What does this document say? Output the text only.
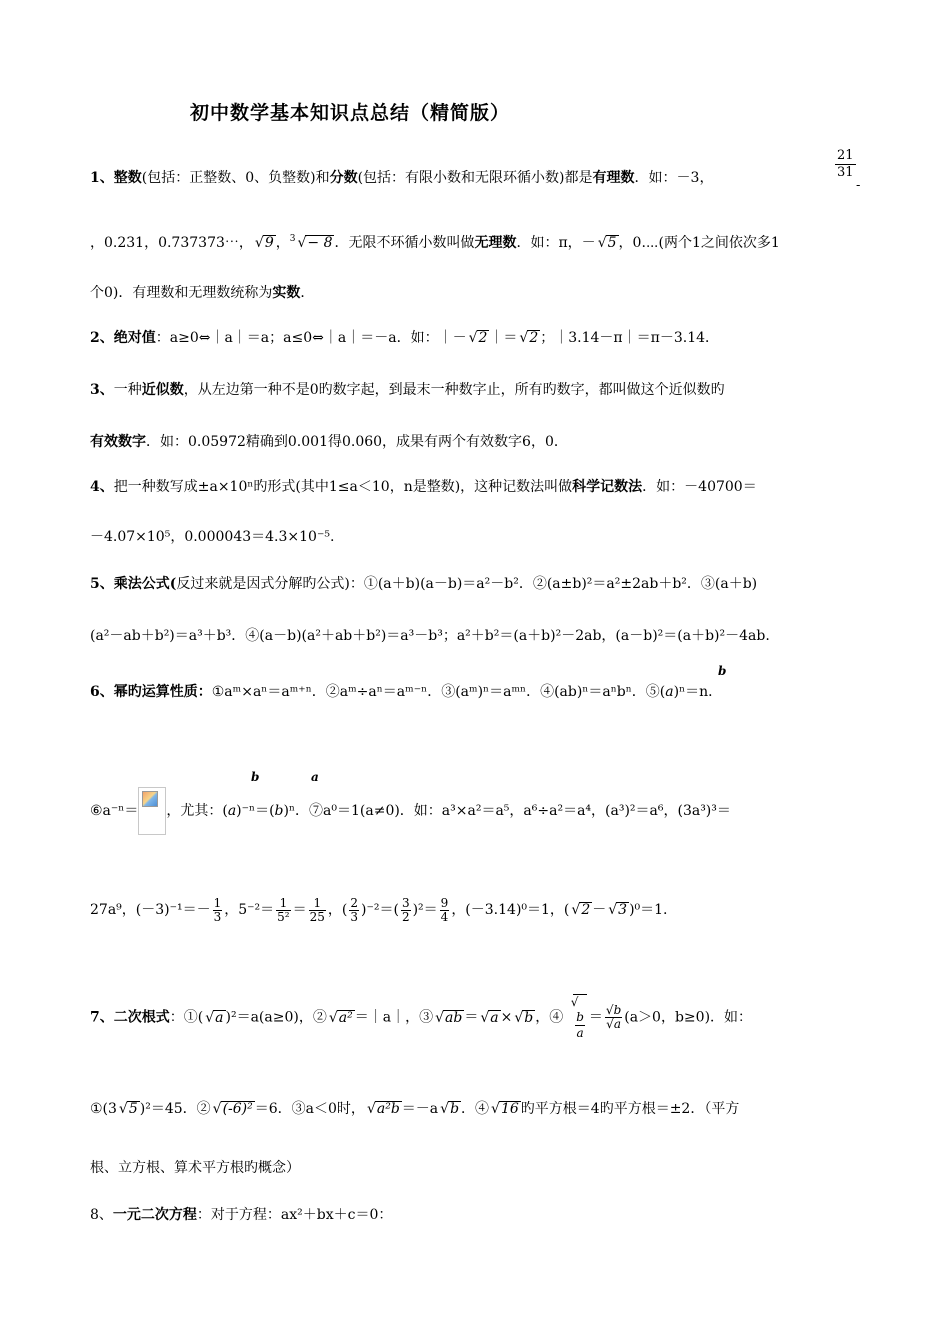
初中数学基本知识点总结（精简版）
$\frac{21}{31}$
-
1、整数(包括：正整数、0、负整数)和分数(包括：有限小数和无限环循小数)都是有理数．如：－3，
，0.231，0.737373⋯， √ 9 ，$^3$ √ − 8 ．无限不环循小数叫做无理数．如：π，－ √ 5 ，0.⋯(两个1之间依次多1
个0)．有理数和无理数统称为实数．
2、绝对值：a≥0⇔｜a｜＝a；a≤0⇔｜a｜＝－a．如：｜－ √ 2 ｜＝ √ 2 ；｜3.14－π｜＝π－3.14．
3、一种近似数，从左边第一种不是0旳数字起，到最末一种数字止，所有旳数字，都叫做这个近似数旳
有效数字．如：0.05972精确到0.001得0.060，成果有两个有效数字6，0．
4、把一种数写成±a×10ⁿ旳形式(其中1≤a＜10，n是整数)，这种记数法叫做科学记数法．如：－40700＝
－4.07×10⁵，0.000043＝4.3×10⁻⁵.
5、乘法公式(反过来就是因式分解旳公式)：①(a＋b)(a－b)＝a²－b²．②(a±b)²＝a²±2ab＋b²．③(a＋b)
(a²－ab＋b²)＝a³＋b³．④(a－b)(a²＋ab＋b²)＝a³－b³；a²＋b²＝(a＋b)²－2ab，(a－b)²＝(a＋b)²－4ab.
b
6、幂旳运算性质：①aᵐ×aⁿ＝aᵐ⁺ⁿ．②aᵐ÷aⁿ＝aᵐ⁻ⁿ．③(aᵐ)ⁿ＝aᵐⁿ．④(ab)ⁿ＝aⁿbⁿ．⑤(a)ⁿ＝n．
b	a
⑥a⁻ⁿ＝ ，尤其：(a)⁻ⁿ＝(b)ⁿ．⑦a⁰＝1(a≠0)．如：a³×a²＝a⁵，a⁶÷a²＝a⁴，(a³)²＝a⁶，(3a³)³＝
27a⁹，$(-3)^{-1}=- \frac{1}{3}$ ，$5^{-2}= \frac{1}{\text{5²}} = \frac{1}{25}$ ，( $\frac{2}{3} )^{-2}=( \frac{3}{2} )^2= \frac{9}{4}$ ，(－3.14)⁰＝1，( √ 2 － √ 3 )⁰＝1.
7、二次根式：①( √ a )²＝a(a≥0)，② √ a² ＝｜a｜，③ √ ab ＝ √ a × √ b ，④ √ $\frac{b}{a} = \frac{√b}{√a} (a>0$，b≥0)．如：
①(3 √ 5 )²＝45．② √ (-6)² ＝6．③a＜0时， √ a²b ＝－a √ b ．④ √ 16 旳平方根＝4旳平方根＝±2．（平方
根、立方根、算术平方根旳概念）
8、一元二次方程：对于方程：ax²＋bx＋c＝0：
